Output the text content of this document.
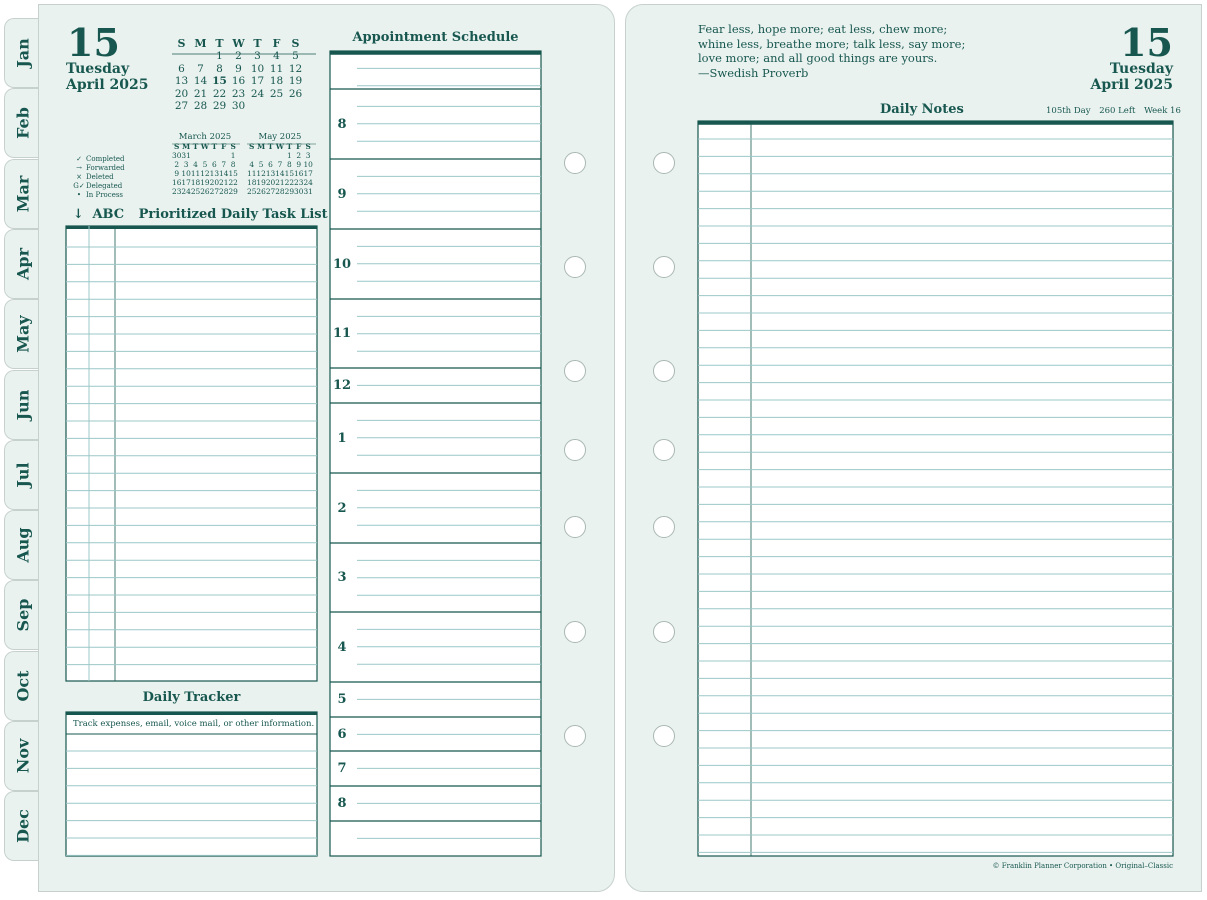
Jan
Feb
Mar
Apr
May
Jun
Jul
Aug
Sep
Oct
Nov
Dec
15
Tuesday
April 2025
S	M	T	W	T	F	S
		1	2	3	4	5
6	7	8	9	10	11	12
13	14	15	16	17	18	19
20	21	22	23	24	25	26
27	28	29	30			
March 2025
S	M	T	W	T	F	S
30	31					1
2	3	4	5	6	7	8
9	10	11	12	13	14	15
16	17	18	19	20	21	22
23	24	25	26	27	28	29
May 2025
S	M	T	W	T	F	S
				1	2	3
4	5	6	7	8	9	10
11	12	13	14	15	16	17
18	19	20	21	22	23	24
25	26	27	28	29	30	31
✓ Completed
→ Forwarded
× Deleted
G✓Delegated
• In Process
↓ ABC Prioritized Daily Task List
Daily Tracker
Track expenses, email, voice mail, or other information.
Appointment Schedule
8
9
10
11
12
1
2
3
4
5
6
7
8
Fear less, hope more; eat less, chew more;
whine less, breathe more; talk less, say more;
love more; and all good things are yours.
—Swedish Proverb
15
Tuesday
April 2025
Daily Notes	105th Day 260 Left Week 16
© Franklin Planner Corporation • Original–Classic
